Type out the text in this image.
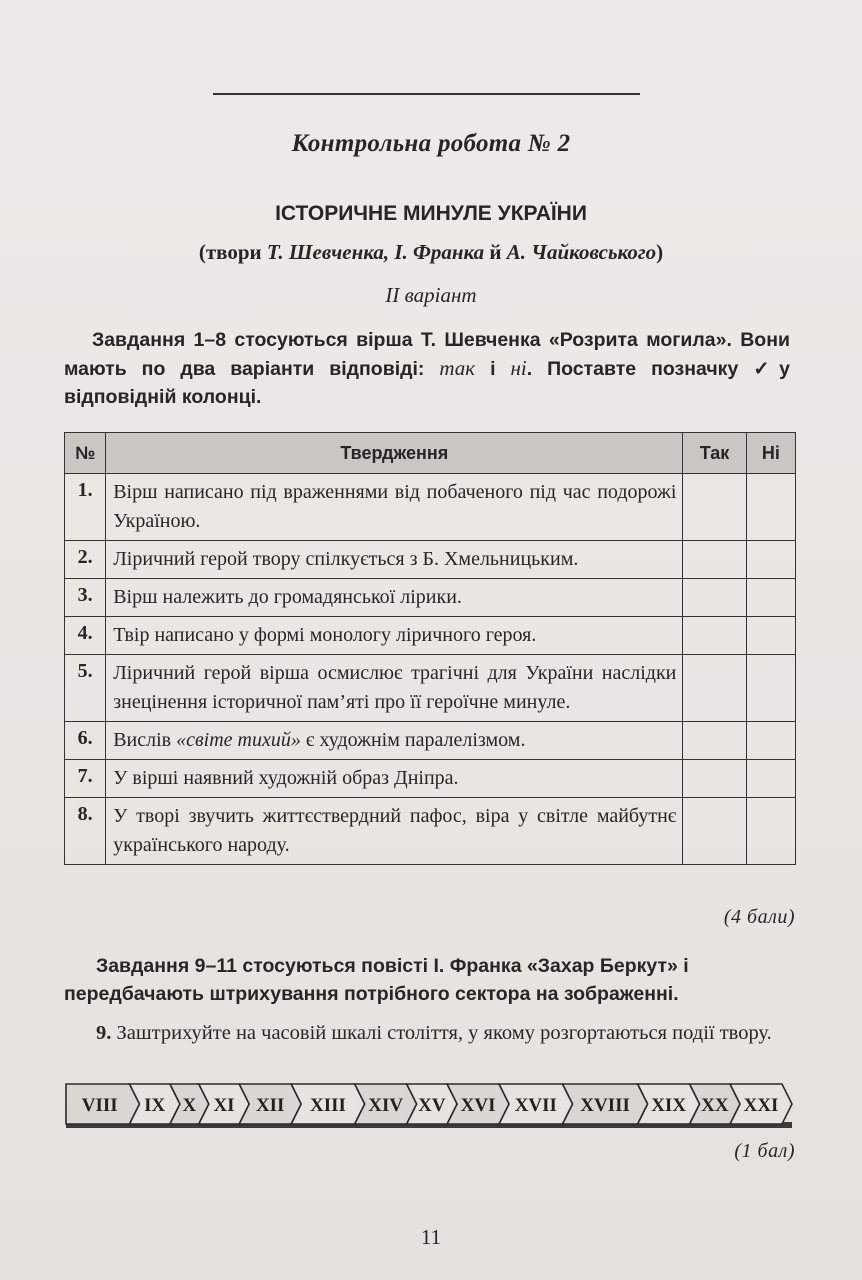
Контрольна робота № 2
ІСТОРИЧНЕ МИНУЛЕ УКРАЇНИ
(твори Т. Шевченка, І. Франка й А. Чайковського)
ІІ варіант
Завдання 1–8 стосуються вірша Т. Шевченка «Розрита могила». Вони мають по два варіанти відповіді: так і ні. Поставте позначку ✓у відповідній колонці.
№	Твердження	Так	Ні
1.	Вірш написано під враженнями від побаченого під час подорожі Україною.		
2.	Ліричний герой твору спілкується з Б. Хмельницьким.		
3.	Вірш належить до громадянської лірики.		
4.	Твір написано у формі монологу ліричного героя.		
5.	Ліричний герой вірша осмислює трагічні для України наслідки знецінення історичної пам’яті про її героїчне минуле.		
6.	Вислів «світе тихий» є художнім паралелізмом.		
7.	У вірші наявний художній образ Дніпра.		
8.	У творі звучить життєствердний пафос, віра у світле майбутнє українського народу.		
(4 бали)
Завдання 9–11 стосуються повісті І. Франка «Захар Беркут» і передбачають штрихування потрібного сектора на зображенні.
9. Заштрихуйте на часовій шкалі століття, у якому розгортаються події твору.
VIII IX X XI XII XIII XIV XV XVI XVII XVIII XIX XX XXI
(1 бал)
11
